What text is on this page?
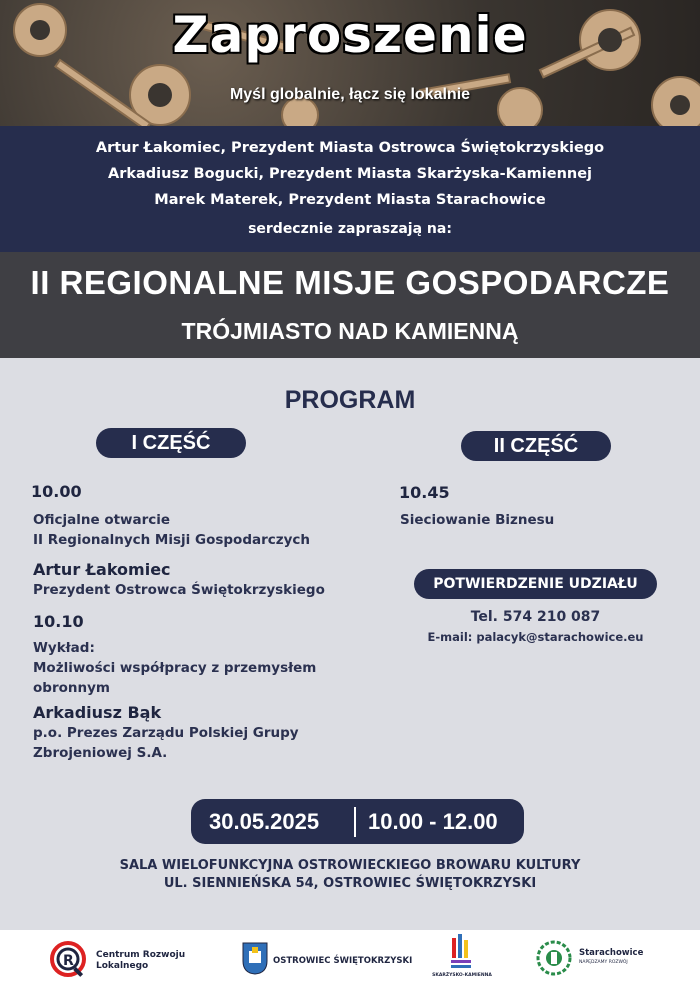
Zaproszenie
Myśl globalnie, łącz się lokalnie
Artur Łakomiec, Prezydent Miasta Ostrowca Świętokrzyskiego
Arkadiusz Bogucki, Prezydent Miasta Skarżyska-Kamiennej
Marek Materek, Prezydent Miasta Starachowice
serdecznie zapraszają na:
II REGIONALNE MISJE GOSPODARCZE
TRÓJMIASTO NAD KAMIENNĄ
PROGRAM
I CZĘŚĆ	II CZĘŚĆ
10.00
Oficjalne otwarcie
II Regionalnych Misji Gospodarczych
Artur Łakomiec
Prezydent Ostrowca Świętokrzyskiego
10.10
Wykład:
Możliwości współpracy z przemysłem
obronnym
Arkadiusz Bąk
p.o. Prezes Zarządu Polskiej Grupy
Zbrojeniowej S.A.
10.45
Sieciowanie Biznesu
POTWIERDZENIE UDZIAŁU
Tel. 574 210 087
E-mail: palacyk@starachowice.eu
30.05.2025 10.00 - 12.00
SALA WIELOFUNKCYJNA OSTROWIECKIEGO BROWARU KULTURY
UL. SIENNIEŃSKA 54, OSTROWIEC ŚWIĘTOKRZYSKI
R Centrum Rozwoju
Lokalnego	OSTROWIEC ŚWIĘTOKRZYSKI
SKARŻYSKO-KAMIENNA
Starachowice
NAPĘDZAMY ROZWÓJ
